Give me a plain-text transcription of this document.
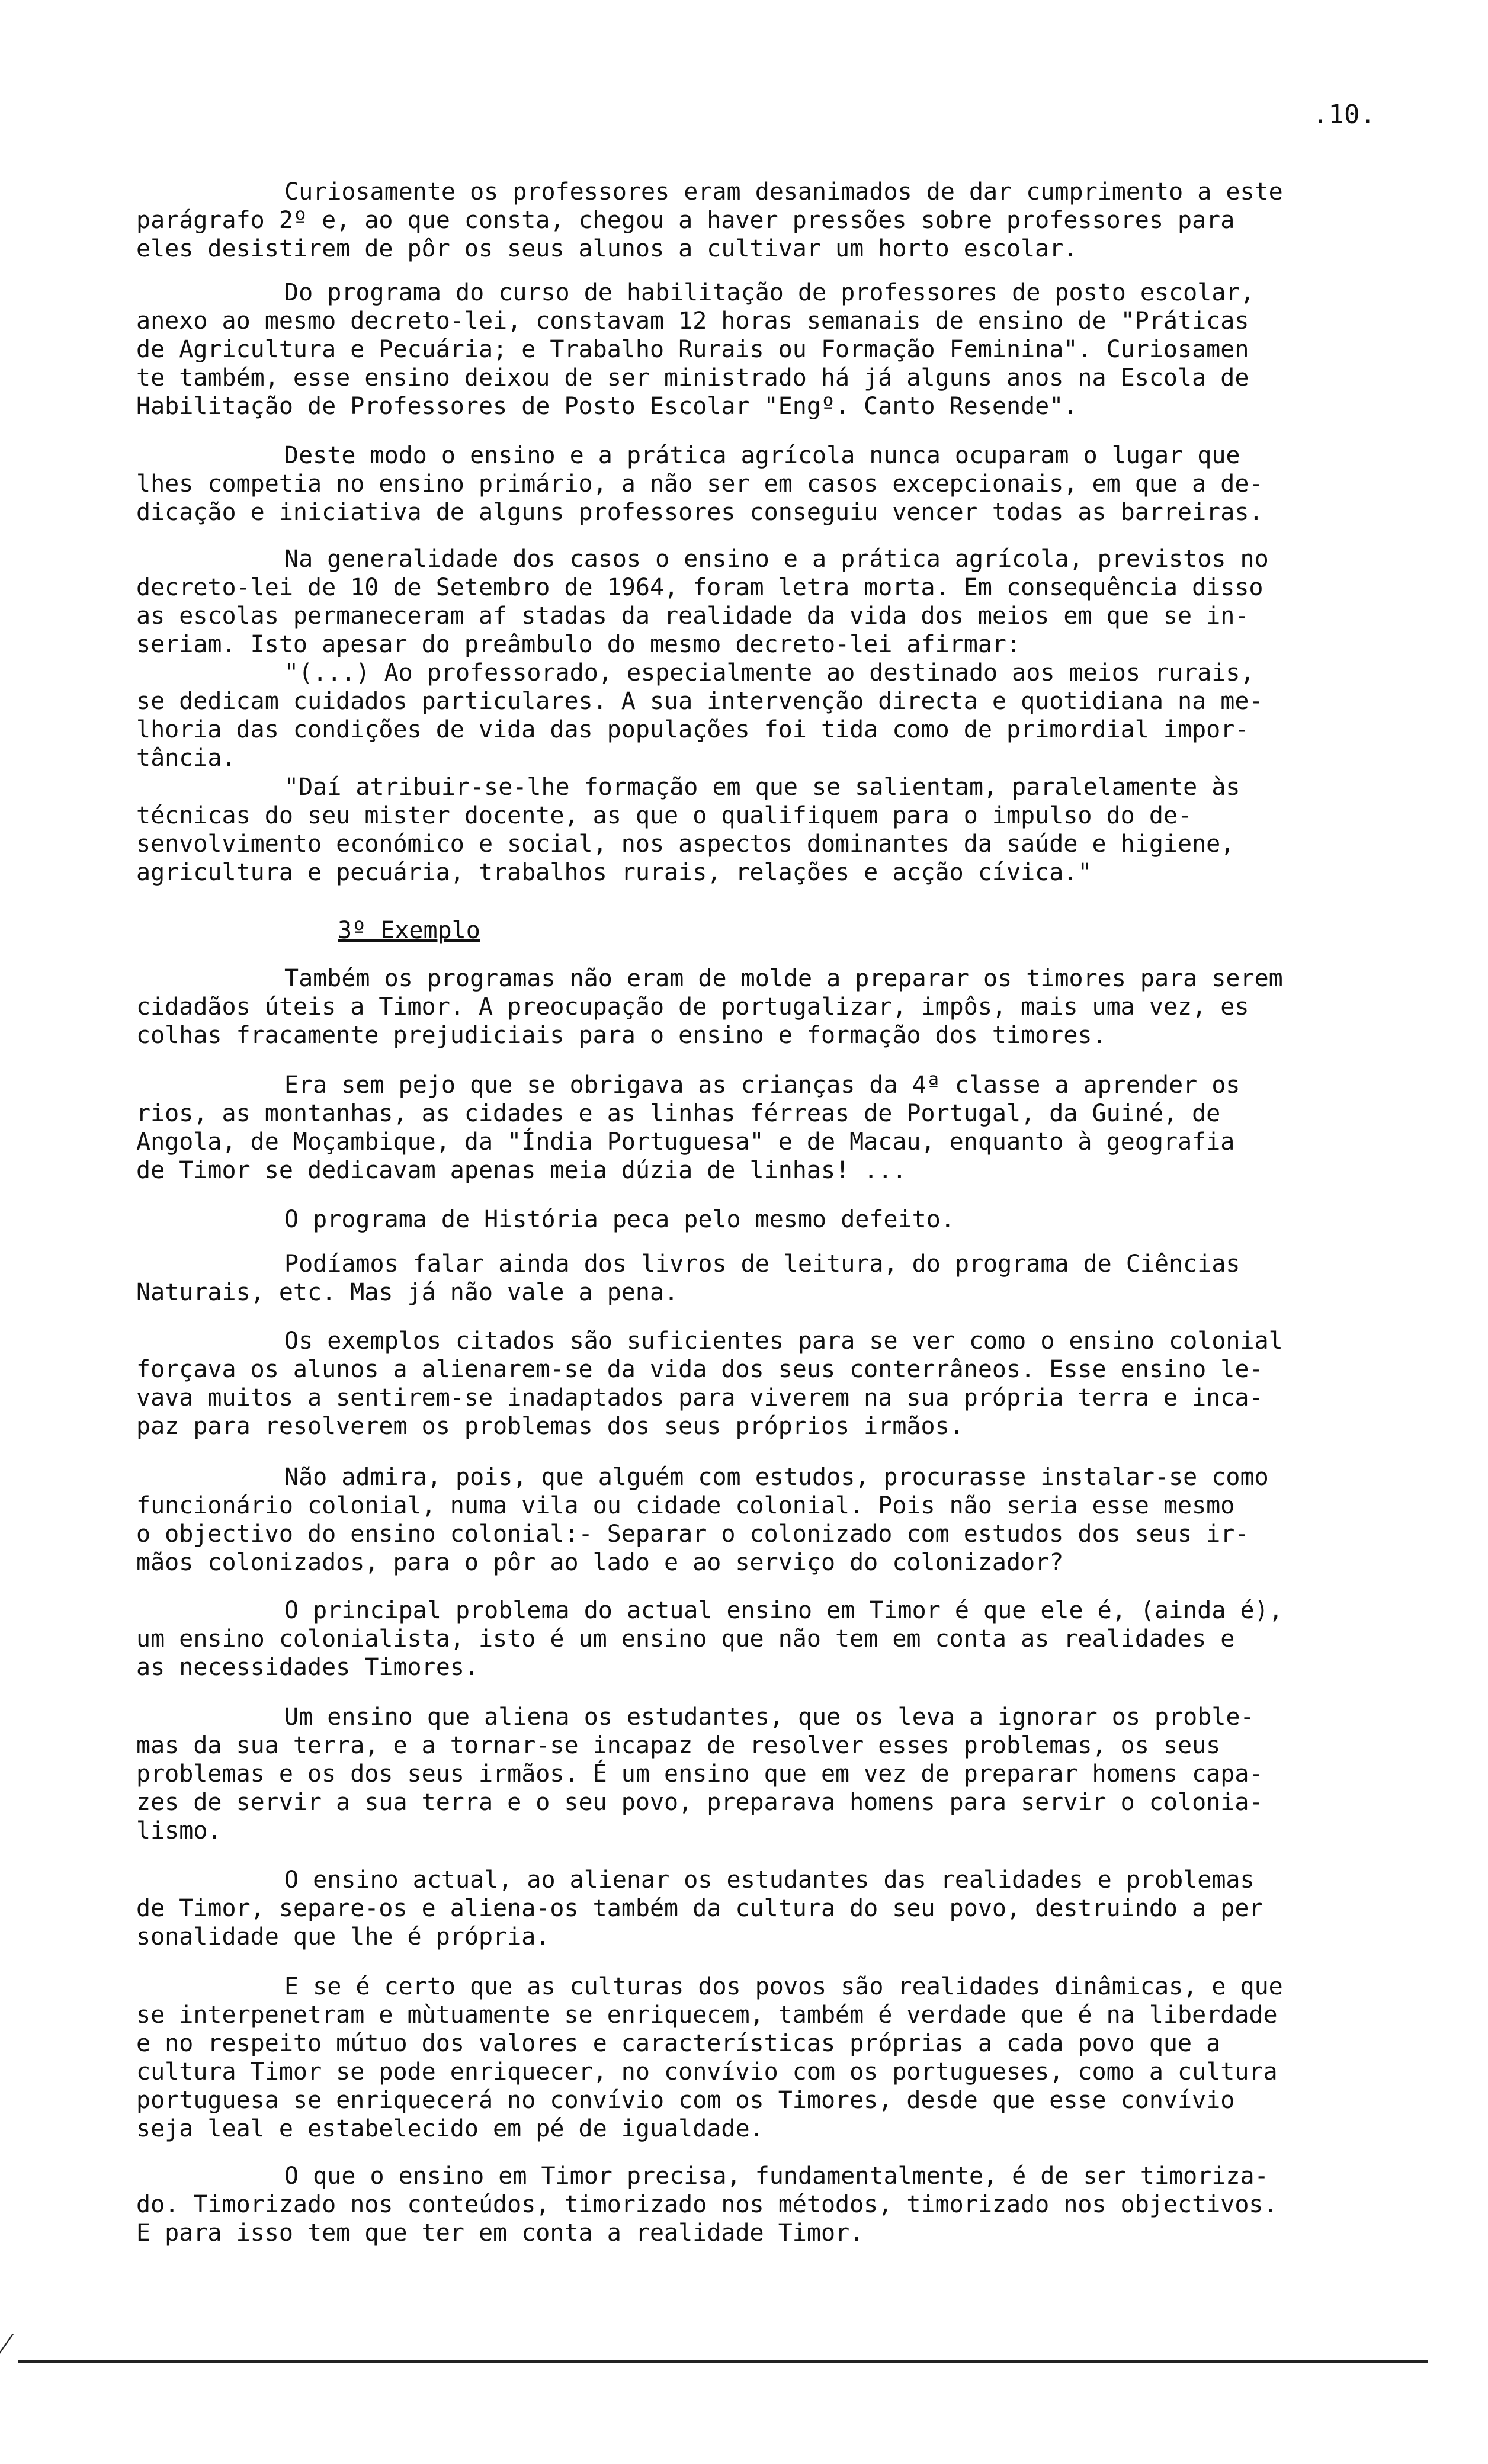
.10.
Curiosamente os professores eram desanimados de dar cumprimento a este
parágrafo 2º e, ao que consta, chegou a haver pressões sobre professores para
eles desistirem de pôr os seus alunos a cultivar um horto escolar.
Do programa do curso de habilitação de professores de posto escolar,
anexo ao mesmo decreto-lei, constavam 12 horas semanais de ensino de "Práticas
de Agricultura e Pecuária; e Trabalho Rurais ou Formação Feminina". Curiosamen
te também, esse ensino deixou de ser ministrado há já alguns anos na Escola de
Habilitação de Professores de Posto Escolar "Engº. Canto Resende".
Deste modo o ensino e a prática agrícola nunca ocuparam o lugar que
lhes competia no ensino primário, a não ser em casos excepcionais, em que a de-
dicação e iniciativa de alguns professores conseguiu vencer todas as barreiras.
Na generalidade dos casos o ensino e a prática agrícola, previstos no
decreto-lei de 10 de Setembro de 1964, foram letra morta. Em consequência disso
as escolas permaneceram af stadas da realidade da vida dos meios em que se in-
seriam. Isto apesar do preâmbulo do mesmo decreto-lei afirmar:
"(...) Ao professorado, especialmente ao destinado aos meios rurais,
se dedicam cuidados particulares. A sua intervenção directa e quotidiana na me-
lhoria das condições de vida das populações foi tida como de primordial impor-
tância.
"Daí atribuir-se-lhe formação em que se salientam, paralelamente às
técnicas do seu mister docente, as que o qualifiquem para o impulso do de-
senvolvimento económico e social, nos aspectos dominantes da saúde e higiene,
agricultura e pecuária, trabalhos rurais, relações e acção cívica."
3º Exemplo
Também os programas não eram de molde a preparar os timores para serem
cidadãos úteis a Timor. A preocupação de portugalizar, impôs, mais uma vez, es
colhas fracamente prejudiciais para o ensino e formação dos timores.
Era sem pejo que se obrigava as crianças da 4ª classe a aprender os
rios, as montanhas, as cidades e as linhas férreas de Portugal, da Guiné, de
Angola, de Moçambique, da "Índia Portuguesa" e de Macau, enquanto à geografia
de Timor se dedicavam apenas meia dúzia de linhas! ...
O programa de História peca pelo mesmo defeito.
Podíamos falar ainda dos livros de leitura, do programa de Ciências
Naturais, etc. Mas já não vale a pena.
Os exemplos citados são suficientes para se ver como o ensino colonial
forçava os alunos a alienarem-se da vida dos seus conterrâneos. Esse ensino le-
vava muitos a sentirem-se inadaptados para viverem na sua própria terra e inca-
paz para resolverem os problemas dos seus próprios irmãos.
Não admira, pois, que alguém com estudos, procurasse instalar-se como
funcionário colonial, numa vila ou cidade colonial. Pois não seria esse mesmo
o objectivo do ensino colonial:- Separar o colonizado com estudos dos seus ir-
mãos colonizados, para o pôr ao lado e ao serviço do colonizador?
O principal problema do actual ensino em Timor é que ele é, (ainda é),
um ensino colonialista, isto é um ensino que não tem em conta as realidades e
as necessidades Timores.
Um ensino que aliena os estudantes, que os leva a ignorar os proble-
mas da sua terra, e a tornar-se incapaz de resolver esses problemas, os seus
problemas e os dos seus irmãos. É um ensino que em vez de preparar homens capa-
zes de servir a sua terra e o seu povo, preparava homens para servir o colonia-
lismo.
O ensino actual, ao alienar os estudantes das realidades e problemas
de Timor, separe-os e aliena-os também da cultura do seu povo, destruindo a per
sonalidade que lhe é própria.
E se é certo que as culturas dos povos são realidades dinâmicas, e que
se interpenetram e mùtuamente se enriquecem, também é verdade que é na liberdade
e no respeito mútuo dos valores e características próprias a cada povo que a
cultura Timor se pode enriquecer, no convívio com os portugueses, como a cultura
portuguesa se enriquecerá no convívio com os Timores, desde que esse convívio
seja leal e estabelecido em pé de igualdade.
O que o ensino em Timor precisa, fundamentalmente, é de ser timoriza-
do. Timorizado nos conteúdos, timorizado nos métodos, timorizado nos objectivos.
E para isso tem que ter em conta a realidade Timor.
